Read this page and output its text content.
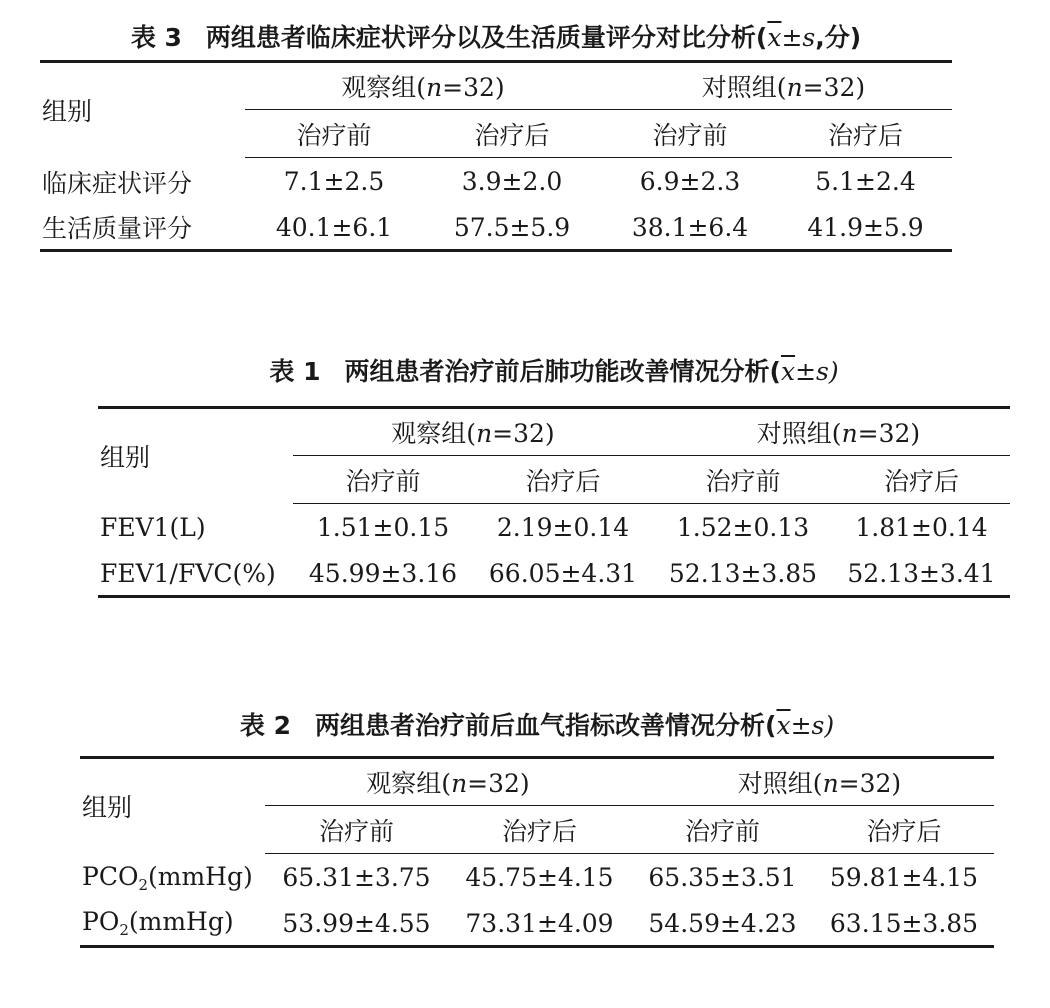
表 3 两组患者临床症状评分以及生活质量评分对比分析($\overline{x}\pm s$,分)
组别	观察组(n=32)		对照组(n=32)	
	治疗前	治疗后	治疗前	治疗后
临床症状评分	7.1±2.5	3.9±2.0	6.9±2.3	5.1±2.4
生活质量评分	40.1±6.1	57.5±5.9	38.1±6.4	41.9±5.9
表 1 两组患者治疗前后肺功能改善情况分析$(\overline{x}\pm s)$
组别	观察组(n=32)		对照组(n=32)	
	治疗前	治疗后	治疗前	治疗后
FEV1(L)	1.51±0.15	2.19±0.14	1.52±0.13	1.81±0.14
FEV1/FVC(%)	45.99±3.16	66.05±4.31	52.13±3.85	52.13±3.41
表 2 两组患者治疗前后血气指标改善情况分析$(\overline{x}\pm s)$
组别	观察组(n=32)		对照组(n=32)	
	治疗前	治疗后	治疗前	治疗后
$PCO_2(mmHg)$	65.31±3.75	45.75±4.15	65.35±3.51	59.81±4.15
$PO_2(mmHg)$	53.99±4.55	73.31±4.09	54.59±4.23	63.15±3.85
